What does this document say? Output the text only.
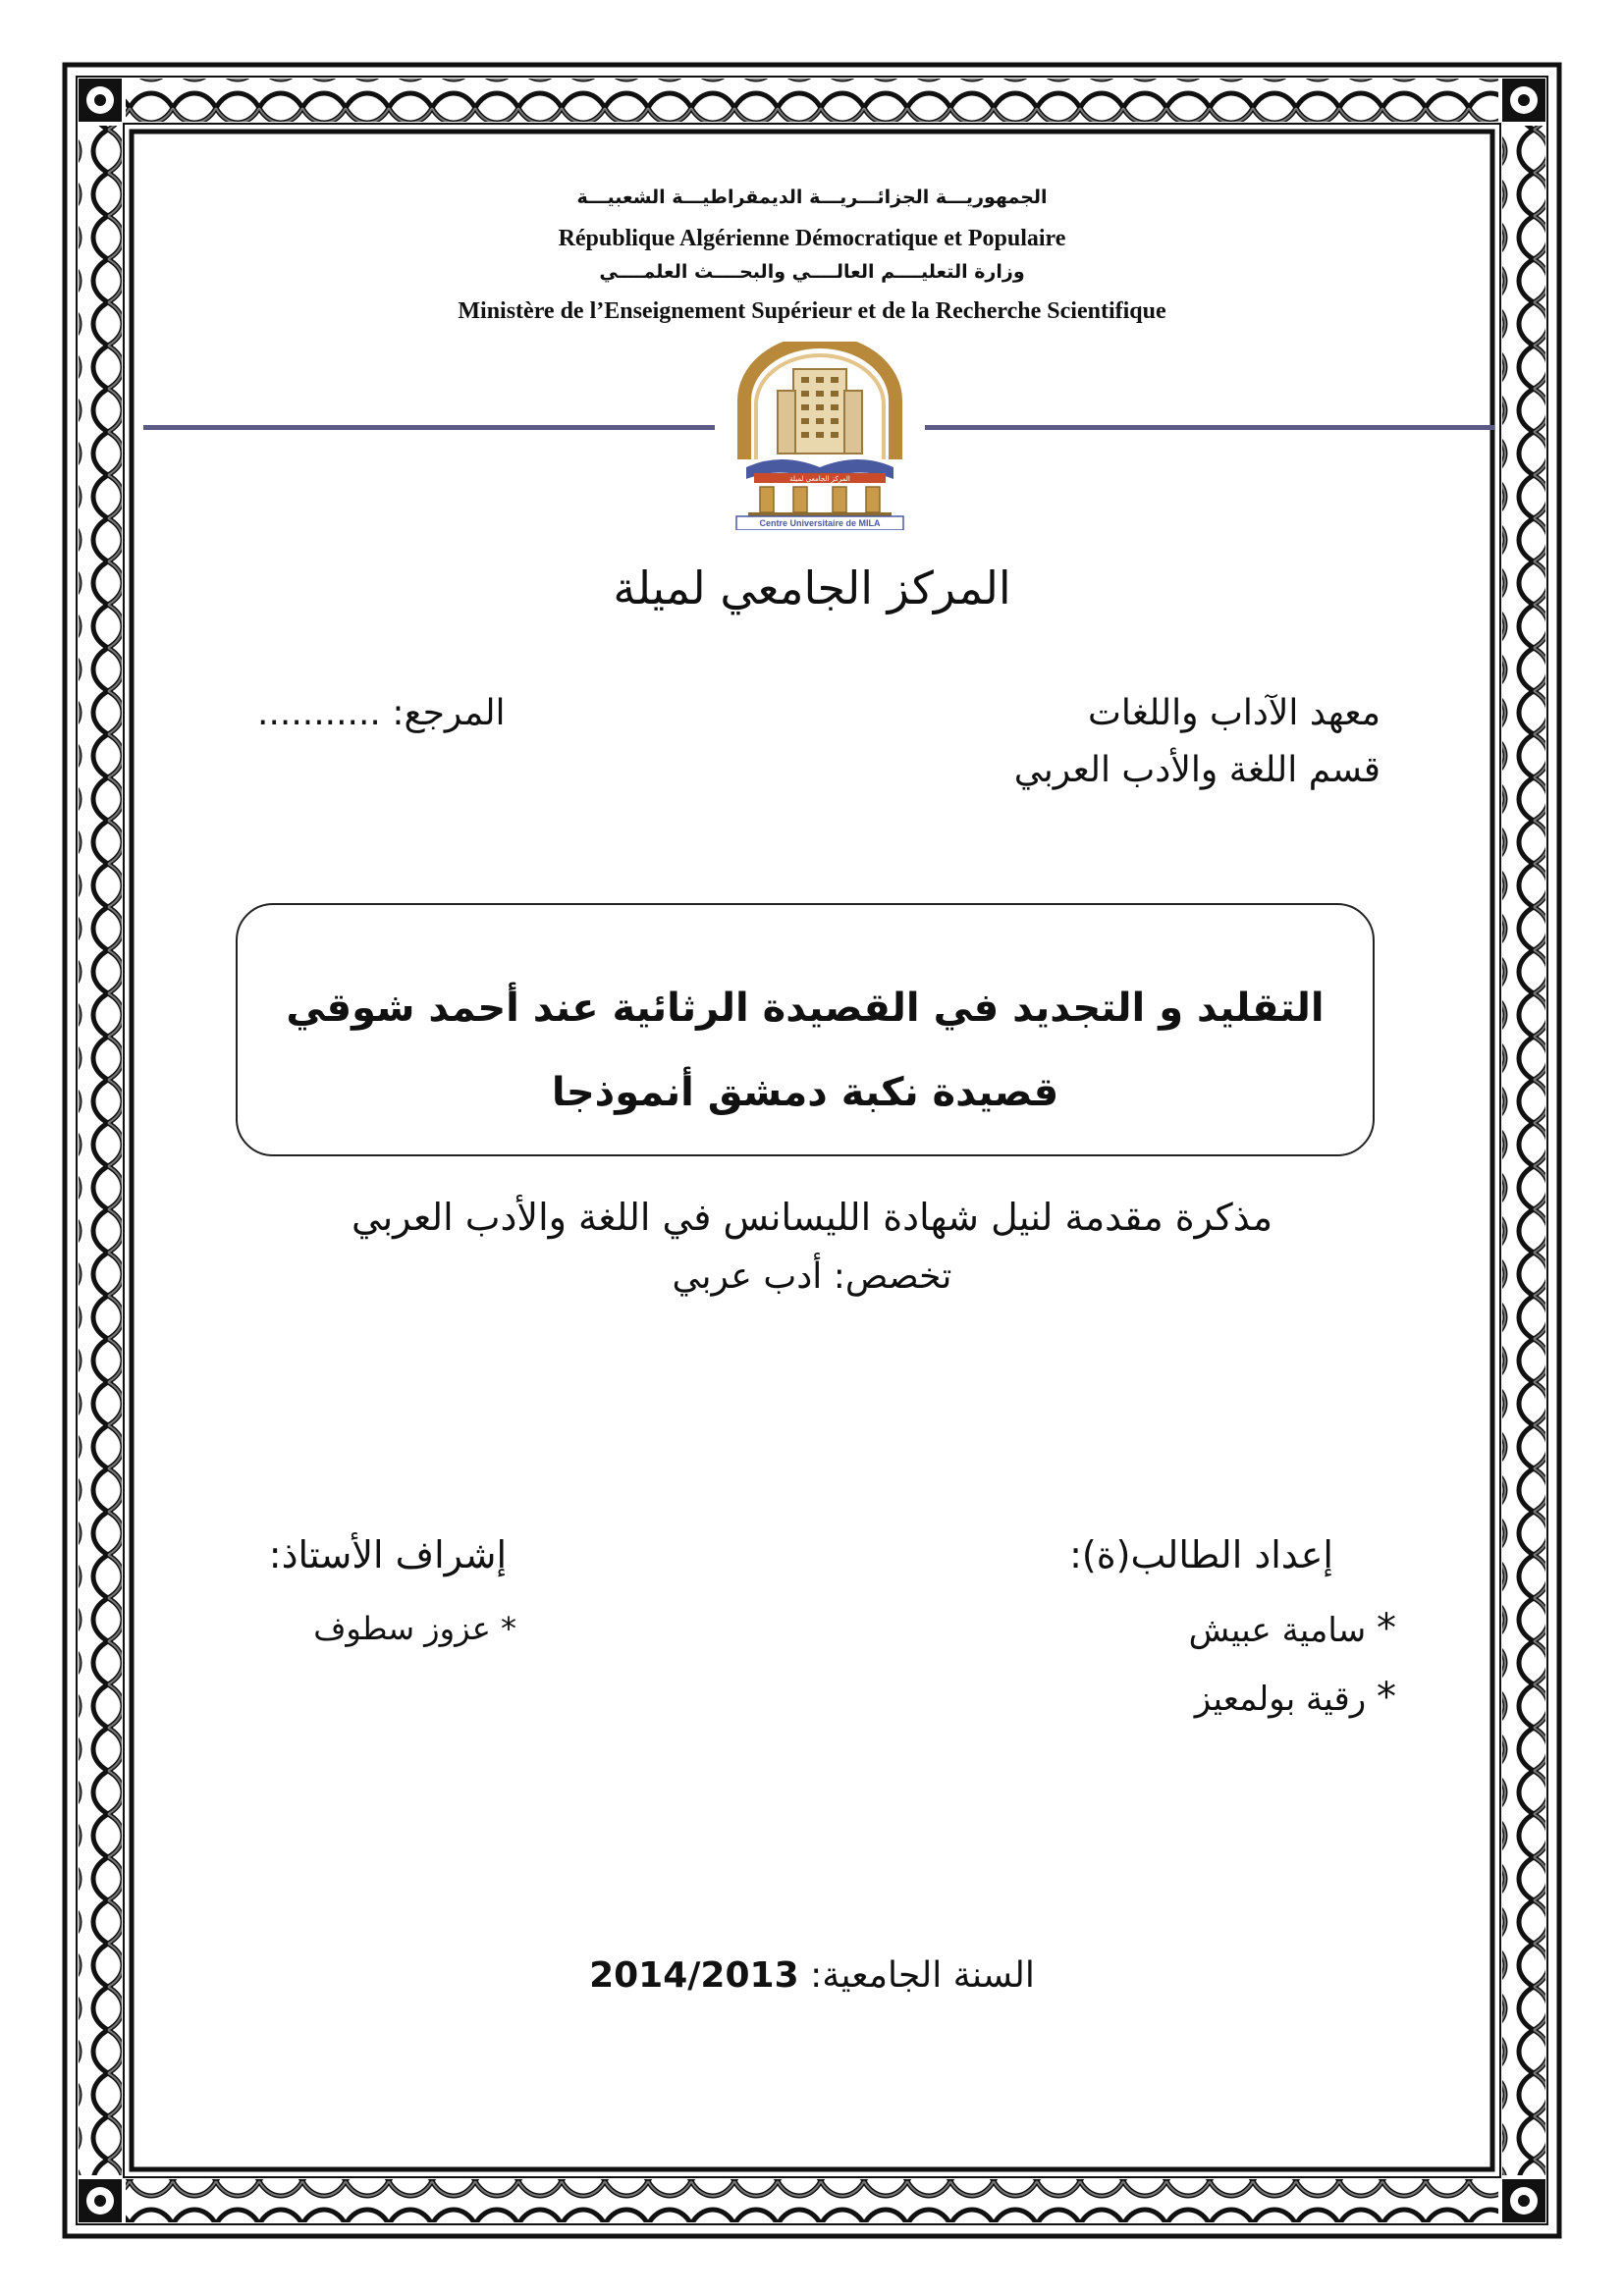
الجمهوريـــة الجزائـــريـــة الديمقراطيـــة الشعبيـــة
République Algérienne Démocratique et Populaire
وزارة التعليــــم العالــــي والبحــــث العلمــــي
Ministère de l’Enseignement Supérieur et de la Recherche Scientifique
المركز الجامعي لميلة
Centre Universitaire de MILA
المركز الجامعي لميلة
معهد الآداب واللغات
قسم اللغة والأدب العربي
المرجع: ...........
التقليد و التجديد في القصيدة الرثائية عند أحمد شوقي
قصيدة نكبة دمشق أنموذجا
مذكرة مقدمة لنيل شهادة الليسانس في اللغة والأدب العربي
تخصص: أدب عربي
إعداد الطالب(ة):
* سامية عبيش
* رقية بولمعيز
إشراف الأستاذ:
* عزوز سطوف
السنة الجامعية: 2014/2013
